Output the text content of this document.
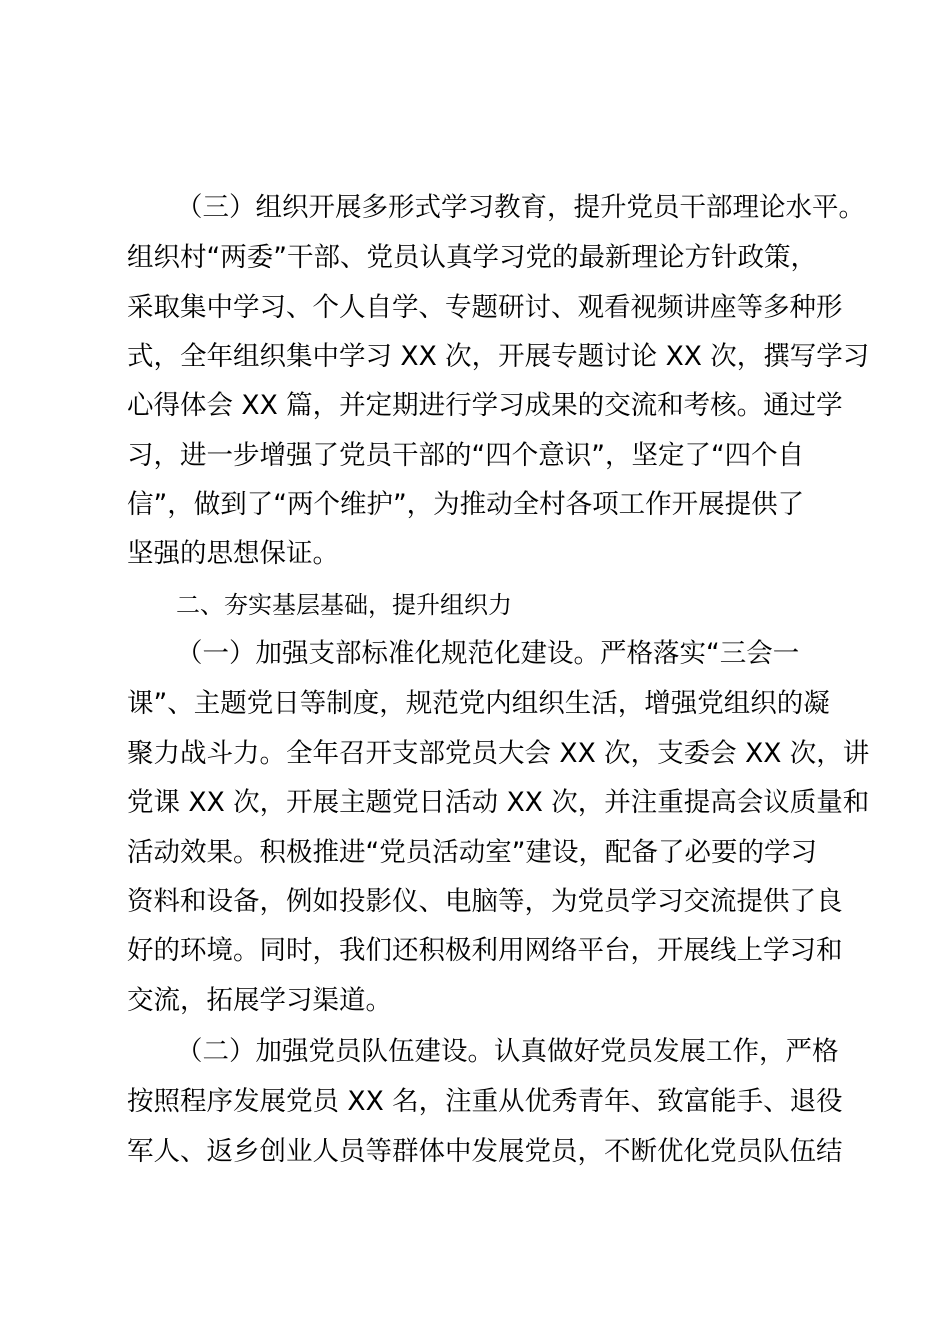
（三）组织开展多形式学习教育，提升党员干部理论水平。
组织村“两委”干部、党员认真学习党的最新理论方针政策，
采取集中学习、个人自学、专题研讨、观看视频讲座等多种形
式，全年组织集中学习 XX 次，开展专题讨论 XX 次，撰写学习
心得体会 XX 篇，并定期进行学习成果的交流和考核。通过学
习，进一步增强了党员干部的“四个意识”，坚定了“四个自
信”，做到了“两个维护”，为推动全村各项工作开展提供了
坚强的思想保证。
二、夯实基层基础，提升组织力
（一）加强支部标准化规范化建设。严格落实“三会一
课”、主题党日等制度，规范党内组织生活，增强党组织的凝
聚力战斗力。全年召开支部党员大会 XX 次，支委会 XX 次，讲
党课 XX 次，开展主题党日活动 XX 次，并注重提高会议质量和
活动效果。积极推进“党员活动室”建设，配备了必要的学习
资料和设备，例如投影仪、电脑等，为党员学习交流提供了良
好的环境。同时，我们还积极利用网络平台，开展线上学习和
交流，拓展学习渠道。
（二）加强党员队伍建设。认真做好党员发展工作，严格
按照程序发展党员 XX 名，注重从优秀青年、致富能手、退役
军人、返乡创业人员等群体中发展党员，不断优化党员队伍结
